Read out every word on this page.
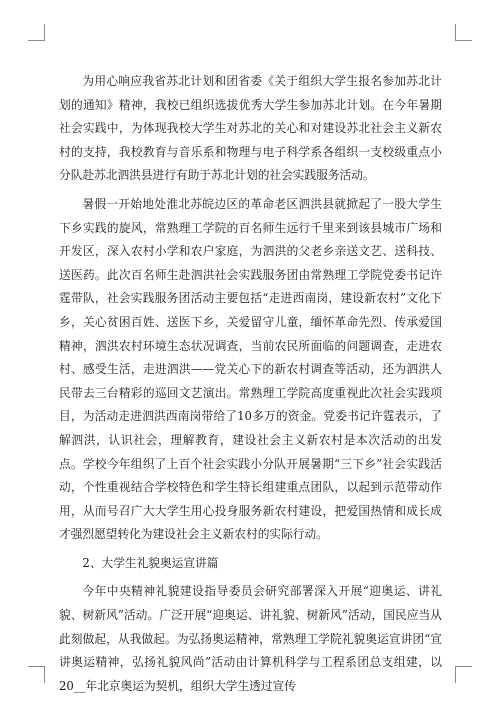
为用心响应我省苏北计划和团省委《关于组织大学生报名参加苏北计划的通知》精神，我校已组织选拔优秀大学生参加苏北计划。在今年暑期社会实践中，为体现我校大学生对苏北的关心和对建设苏北社会主义新农村的支持，我校教育与音乐系和物理与电子科学系各组织一支校级重点小分队赴苏北泗洪县进行有助于苏北计划的社会实践服务活动。

暑假一开始地处淮北苏皖边区的革命老区泗洪县就掀起了一股大学生下乡实践的旋风，常熟理工学院的百名师生远行千里来到该县城市广场和开发区，深入农村小学和农户家庭，为泗洪的父老乡亲送文艺、送科技、送医药。此次百名师生赴泗洪社会实践服务团由常熟理工学院党委书记许霆带队，社会实践服务团活动主要包括“走进西南岗，建设新农村”文化下乡，关心贫困百姓、送医下乡，关爱留守儿童，缅怀革命先烈、传承爱国精神，泗洪农村环境生态状况调查，当前农民所面临的问题调查，走进农村、感受生活，走进泗洪——党关心下的新农村调查等活动，还为泗洪人民带去三台精彩的巡回文艺演出。常熟理工学院高度重视此次社会实践项目，为活动走进泗洪西南岗带给了10多万的资金。党委书记许霆表示，了解泗洪，认识社会，理解教育，建设社会主义新农村是本次活动的出发点。学校今年组织了上百个社会实践小分队开展暑期“三下乡”社会实践活动，个性重视结合学校特色和学生特长组建重点团队，以起到示范带动作用，从而号召广大大学生用心投身服务新农村建设，把爱国热情和成长成才强烈愿望转化为建设社会主义新农村的实际行动。

2、大学生礼貌奥运宣讲篇

今年中央精神礼貌建设指导委员会研究部署深入开展“迎奥运、讲礼貌、树新风”活动。广泛开展“迎奥运、讲礼貌、树新风”活动，国民应当从此刻做起，从我做起。为弘扬奥运精神，常熟理工学院礼貌奥运宣讲团“宣讲奥运精神，弘扬礼貌风尚”活动由计算机科学与工程系团总支组建，以20__年北京奥运为契机，组织大学生透过宣传
